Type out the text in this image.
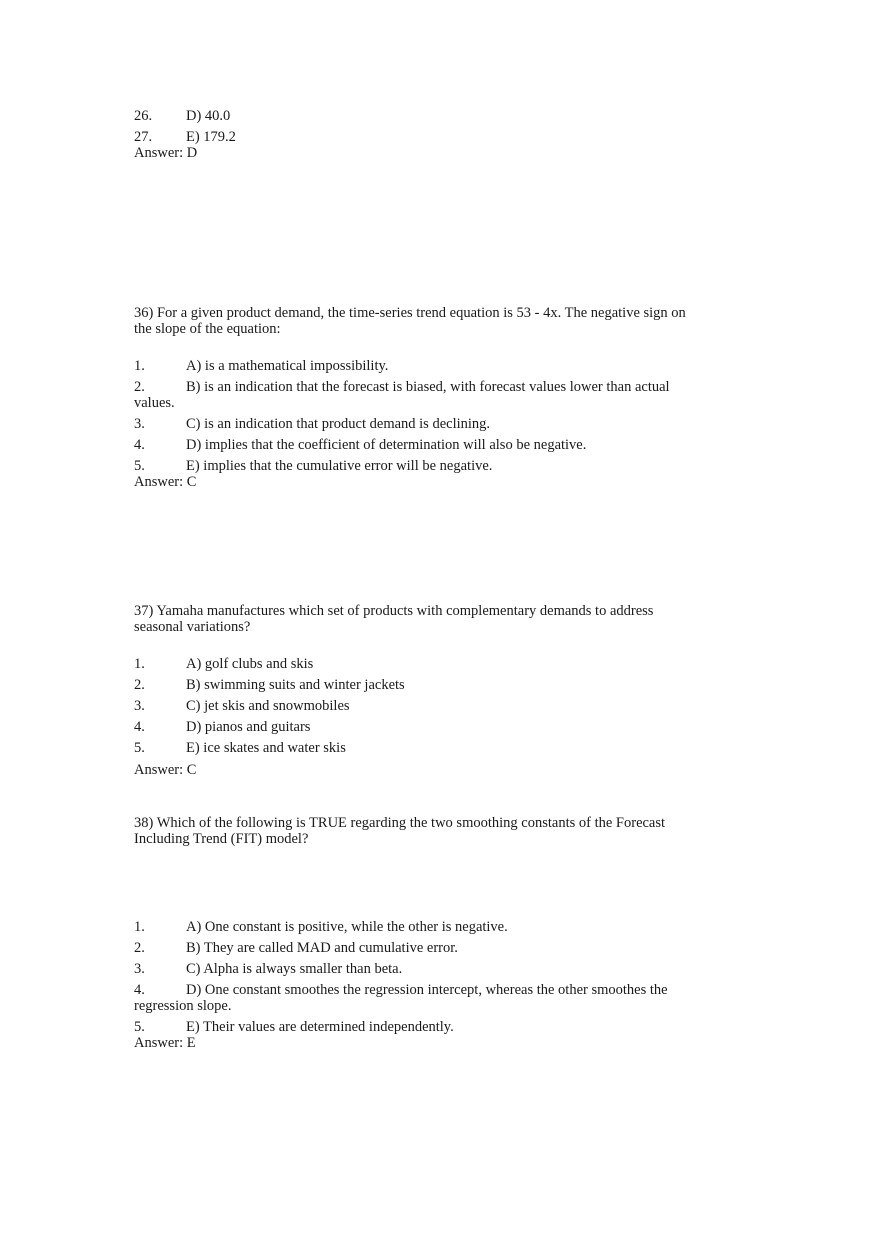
26. D) 40.0
27. E) 179.2
Answer: D
36) For a given product demand, the time-series trend equation is 53 - 4x. The negative sign on the slope of the equation:
1.	A) is a mathematical impossibility.
2.	B) is an indication that the forecast is biased, with forecast values lower than actual values.
3.	C) is an indication that product demand is declining.
4.	D) implies that the coefficient of determination will also be negative.
5.	E) implies that the cumulative error will be negative.
Answer: C
37) Yamaha manufactures which set of products with complementary demands to address seasonal variations?
1.	A) golf clubs and skis
2.	B) swimming suits and winter jackets
3.	C) jet skis and snowmobiles
4.	D) pianos and guitars
5.	E) ice skates and water skis
Answer: C
38) Which of the following is TRUE regarding the two smoothing constants of the Forecast Including Trend (FIT) model?
1.	A) One constant is positive, while the other is negative.
2.	B) They are called MAD and cumulative error.
3.	C) Alpha is always smaller than beta.
4.	D) One constant smoothes the regression intercept, whereas the other smoothes the regression slope.
5.	E) Their values are determined independently.
Answer: E
